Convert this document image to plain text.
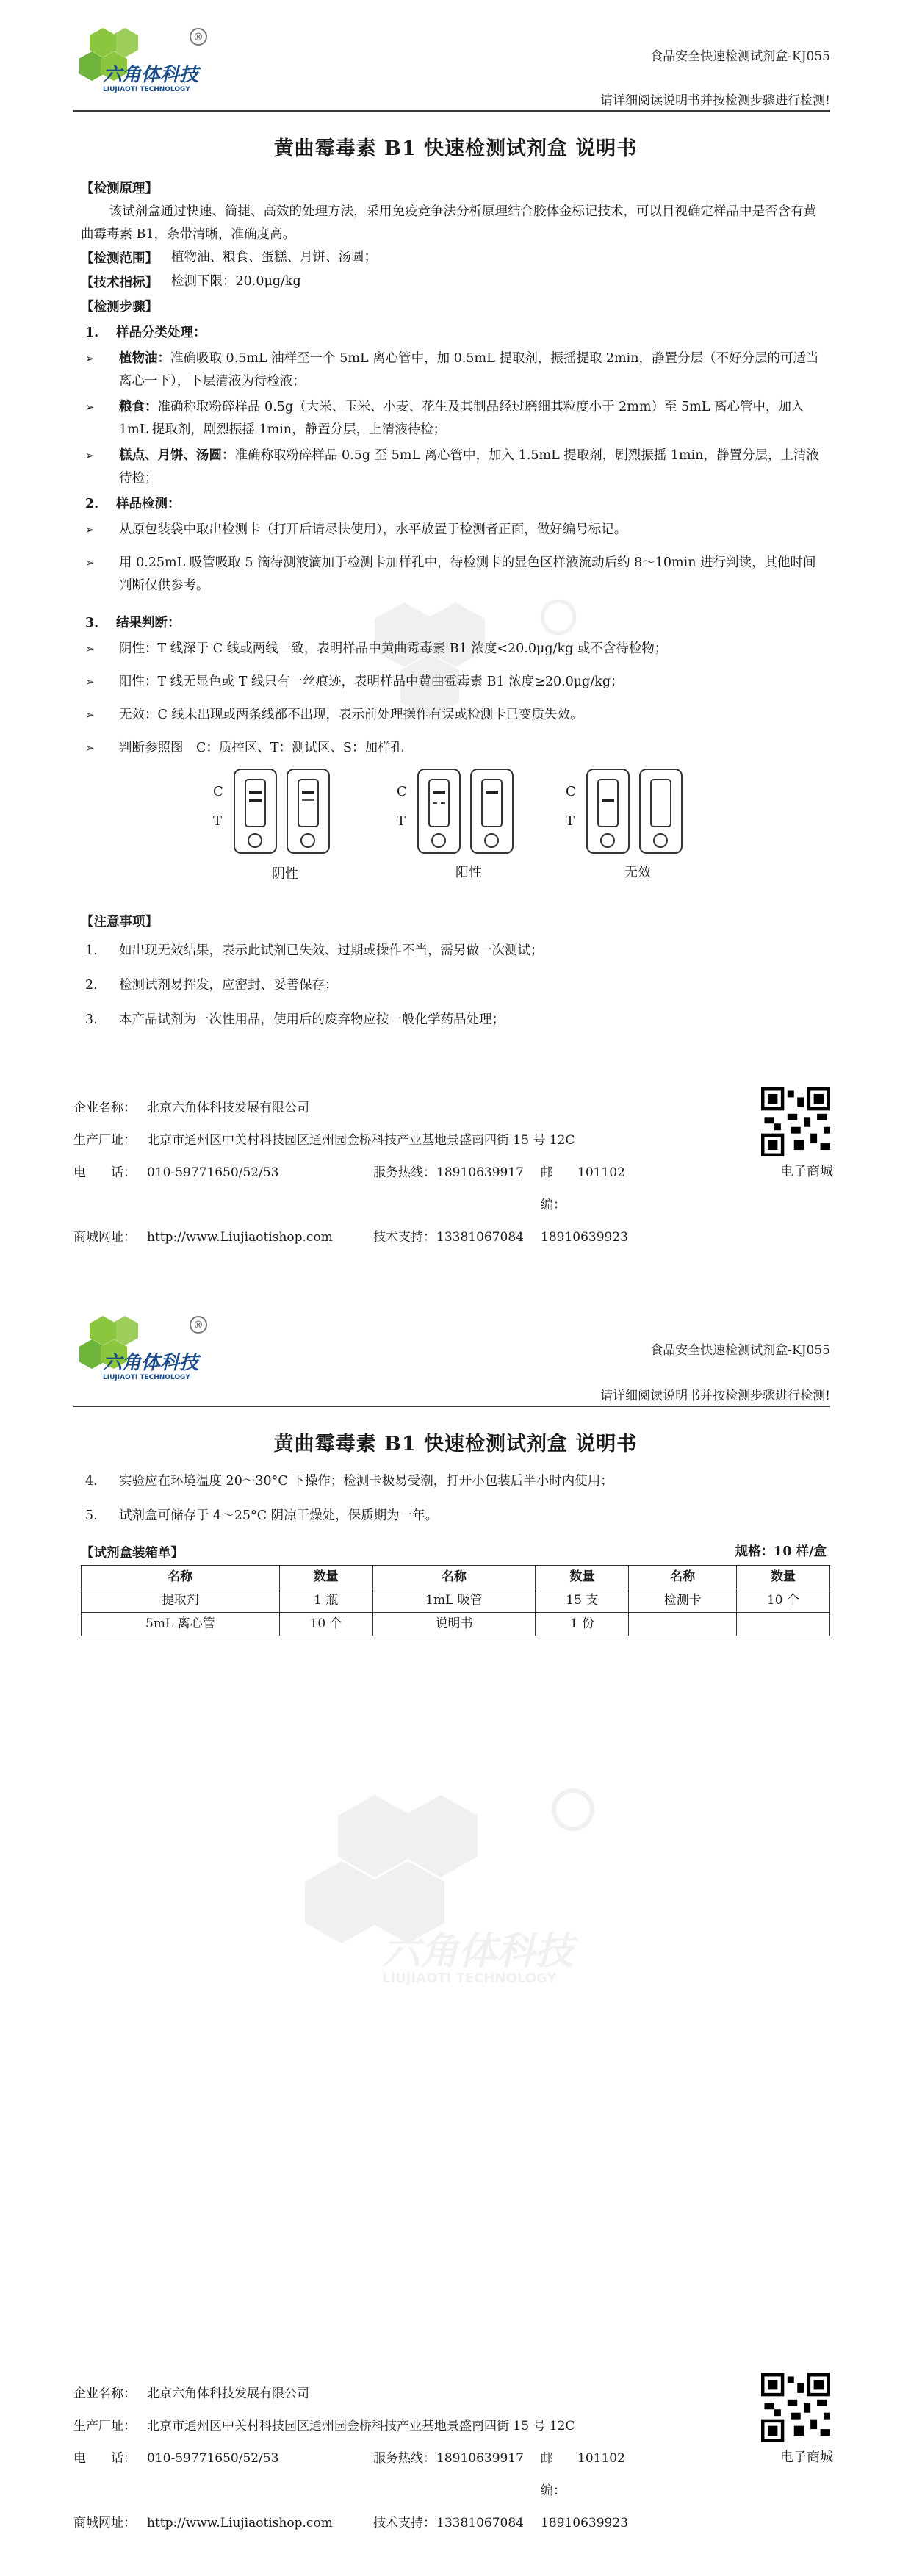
®
六角体科技
LIUJIAOTI TECHNOLOGY
食品安全快速检测试剂盒-KJ055
请详细阅读说明书并按检测步骤进行检测!
黄曲霉毒素 B1 快速检测试剂盒 说明书
【检测原理】
该试剂盒通过快速、简捷、高效的处理方法，采用免疫竞争法分析原理结合胶体金标记技术，可以目视确定样品中是否含有黄曲霉毒素 B1，条带清晰，准确度高。
【检测范围】 植物油、粮食、蛋糕、月饼、汤圆；
【技术指标】 检测下限：20.0μg/kg
【检测步骤】
1.	样品分类处理：
➢	植物油：准确吸取 0.5mL 油样至一个 5mL 离心管中，加 0.5mL 提取剂，振摇提取 2min，静置分层（不好分层的可适当离心一下），下层清液为待检液；
➢	粮食：准确称取粉碎样品 0.5g（大米、玉米、小麦、花生及其制品经过磨细其粒度小于 2mm）至 5mL 离心管中，加入 1mL 提取剂，剧烈振摇 1min，静置分层，上清液待检；
➢	糕点、月饼、汤圆：准确称取粉碎样品 0.5g 至 5mL 离心管中，加入 1.5mL 提取剂，剧烈振摇 1min，静置分层，上清液待检；
2.	样品检测：
➢	从原包装袋中取出检测卡（打开后请尽快使用），水平放置于检测者正面，做好编号标记。
➢	用 0.25mL 吸管吸取 5 滴待测液滴加于检测卡加样孔中，待检测卡的显色区样液流动后约 8～10min 进行判读，其他时间判断仅供参考。
3.	结果判断：
➢	阴性：T 线深于 C 线或两线一致，表明样品中黄曲霉毒素 B1 浓度<20.0μg/kg 或不含待检物；
➢	阳性：T 线无显色或 T 线只有一丝痕迹，表明样品中黄曲霉毒素 B1 浓度≥20.0μg/kg；
➢	无效：C 线未出现或两条线都不出现，表示前处理操作有误或检测卡已变质失效。
➢	判断参照图　C：质控区、T：测试区、S：加样孔
C
T
阴性
C
T
阳性
C
T
无效
【注意事项】
1.	如出现无效结果，表示此试剂已失效、过期或操作不当，需另做一次测试；
2.	检测试剂易挥发，应密封、妥善保存；
3.	本产品试剂为一次性用品，使用后的废弃物应按一般化学药品处理；
企业名称： 北京六角体科技发展有限公司
生产厂址： 北京市通州区中关村科技园区通州园金桥科技产业基地景盛南四街 15 号 12C
电　　话： 010-59771650/52/53	服务热线： 18910639917	邮编：
101102
商城网址： http://www.Liujiaotishop.com	技术支持： 13381067084	18910639923
电子商城
®
六角体科技
LIUJIAOTI TECHNOLOGY
食品安全快速检测试剂盒-KJ055
请详细阅读说明书并按检测步骤进行检测!
黄曲霉毒素 B1 快速检测试剂盒 说明书
4.	实验应在环境温度 20～30°C 下操作；检测卡极易受潮，打开小包装后半小时内使用；
5.	试剂盒可储存于 4～25°C 阴凉干燥处，保质期为一年。
【试剂盒装箱单】	规格：10 样/盒
名称	数量	名称	数量	名称	数量
提取剂	1 瓶	1mL 吸管	15 支	检测卡	10 个
5mL 离心管	10 个	说明书	1 份		
六角体科技
LIUJIAOTI TECHNOLOGY
企业名称： 北京六角体科技发展有限公司
生产厂址： 北京市通州区中关村科技园区通州园金桥科技产业基地景盛南四街 15 号 12C
电　　话： 010-59771650/52/53	服务热线： 18910639917	邮编：
101102
商城网址： http://www.Liujiaotishop.com	技术支持： 13381067084	18910639923
电子商城
